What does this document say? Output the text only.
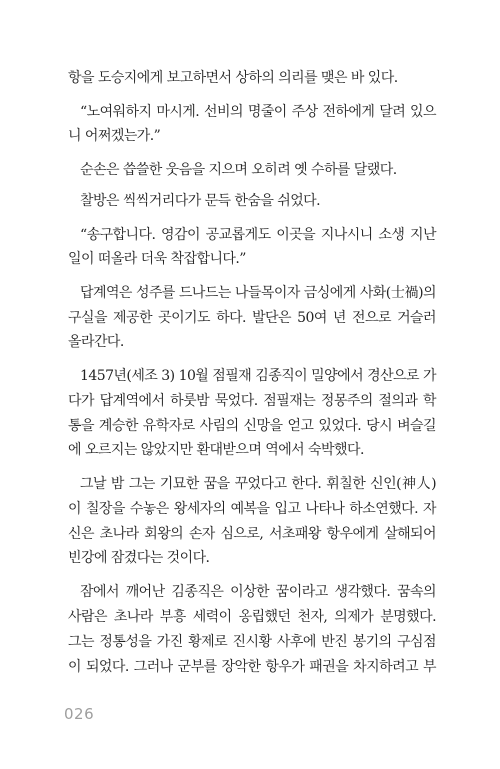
항을 도승지에게 보고하면서 상하의 의리를 맺은 바 있다.
“노여워하지 마시게. 선비의 명줄이 주상 전하에게 달려 있으
니 어쩌겠는가.”
순손은 씁쓸한 웃음을 지으며 오히려 옛 수하를 달랬다.
찰방은 씩씩거리다가 문득 한숨을 쉬었다.
“송구합니다. 영감이 공교롭게도 이곳을 지나시니 소생 지난
일이 떠올라 더욱 착잡합니다.”
답계역은 성주를 드나드는 나들목이자 금싱에게 사화(士禍)의
구실을 제공한 곳이기도 하다. 발단은 50여 년 전으로 거슬러
올라간다.
1457년(세조 3) 10월 점필재 김종직이 밀양에서 경산으로 가
다가 답계역에서 하룻밤 묵었다. 점필재는 정몽주의 절의과 학
통을 계승한 유학자로 사림의 신망을 얻고 있었다. 당시 벼슬길
에 오르지는 않았지만 환대받으며 역에서 숙박했다.
그날 밤 그는 기묘한 꿈을 꾸었다고 한다. 휘칠한 신인(神人)
이 칠장을 수놓은 왕세자의 예복을 입고 나타나 하소연했다. 자
신은 초나라 회왕의 손자 심으로, 서초패왕 항우에게 살해되어
빈강에 잠겼다는 것이다.
잠에서 깨어난 김종직은 이상한 꿈이라고 생각했다. 꿈속의
사람은 초나라 부흥 세력이 옹립했던 천자, 의제가 분명했다.
그는 정통성을 가진 황제로 진시황 사후에 반진 봉기의 구심점
이 되었다. 그러나 군부를 장악한 항우가 패권을 차지하려고 부
026
